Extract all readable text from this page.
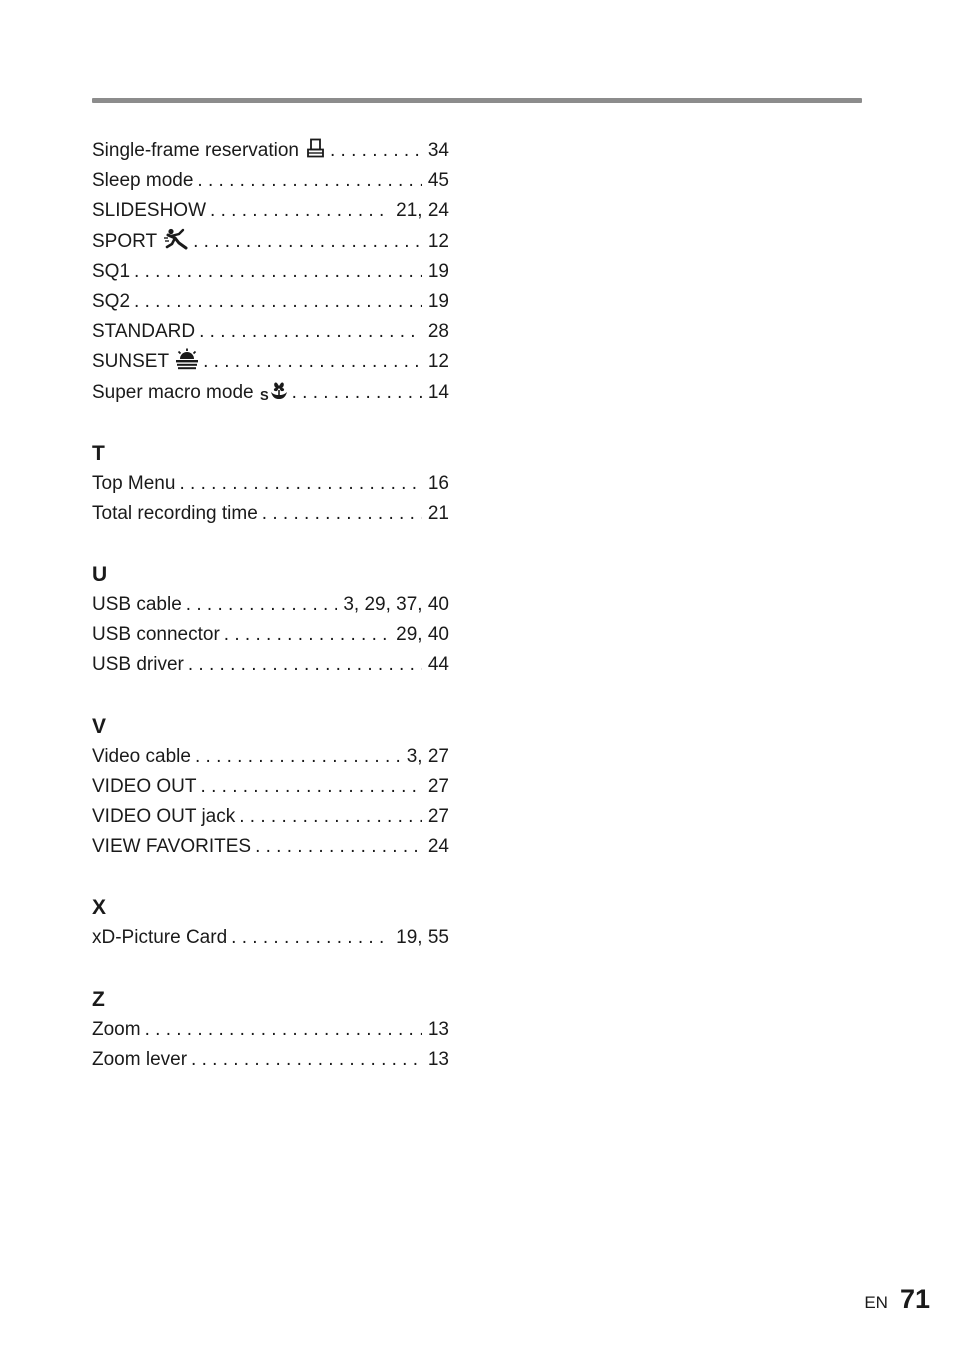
Single-frame reservation . . .	34
Sleep mode . . .	45
SLIDESHOW . . .	21, 24
SPORT . . .	12
SQ1 . . .	19
SQ2 . . .	19
STANDARD . . .	28
SUNSET . . .	12
Super macro mode S . . .	14
T
Top Menu . . .	16
Total recording time . . .	21
U
USB cable . . .	3, 29, 37, 40
USB connector . . .	29, 40
USB driver . . .	44
V
Video cable . . .	3, 27
VIDEO OUT . . .	27
VIDEO OUT jack . . .	27
VIEW FAVORITES . . .	24
X
xD-Picture Card . . .	19, 55
Z
Zoom . . .	13
Zoom lever . . .	13
EN 71
